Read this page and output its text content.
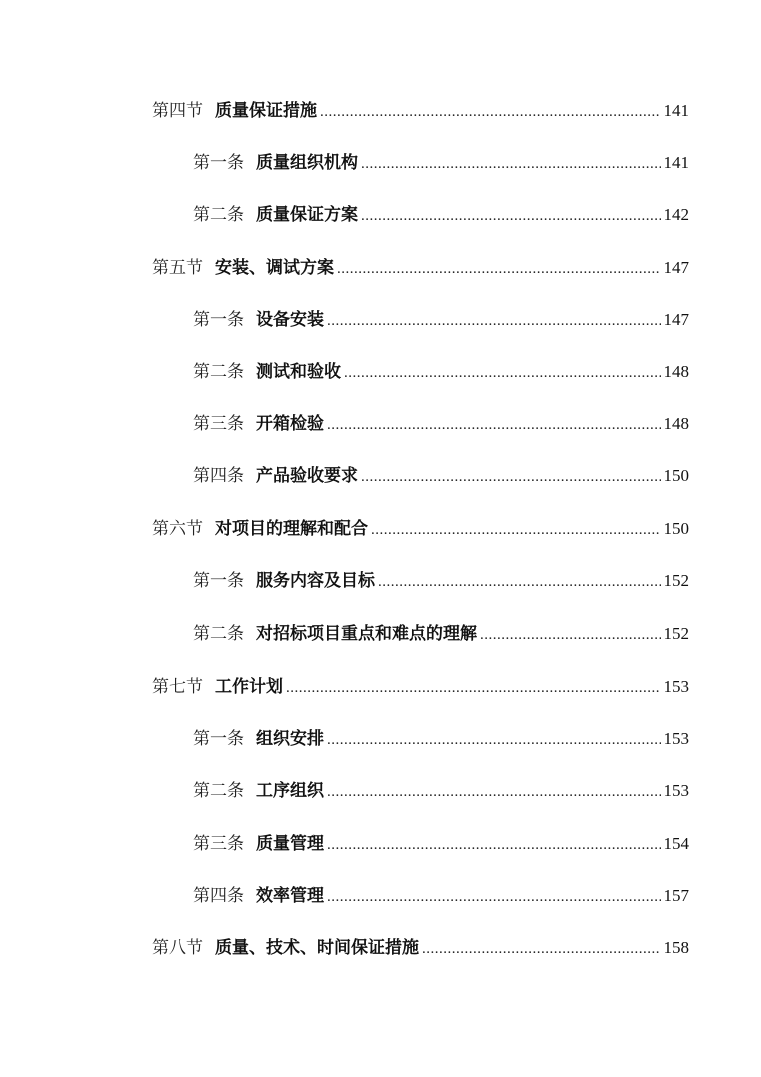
第四节 质量保证措施 .....	141
第一条 质量组织机构 .....	141
第二条 质量保证方案 .....	142
第五节 安装、调试方案 .....	147
第一条 设备安装 .....	147
第二条 测试和验收 .....	148
第三条 开箱检验 .....	148
第四条 产品验收要求 .....	150
第六节 对项目的理解和配合 .....	150
第一条 服务内容及目标 .....	152
第二条 对招标项目重点和难点的理解 .....	152
第七节 工作计划 .....	153
第一条 组织安排 .....	153
第二条 工序组织 .....	153
第三条 质量管理 .....	154
第四条 效率管理 .....	157
第八节 质量、技术、时间保证措施 .....	158
